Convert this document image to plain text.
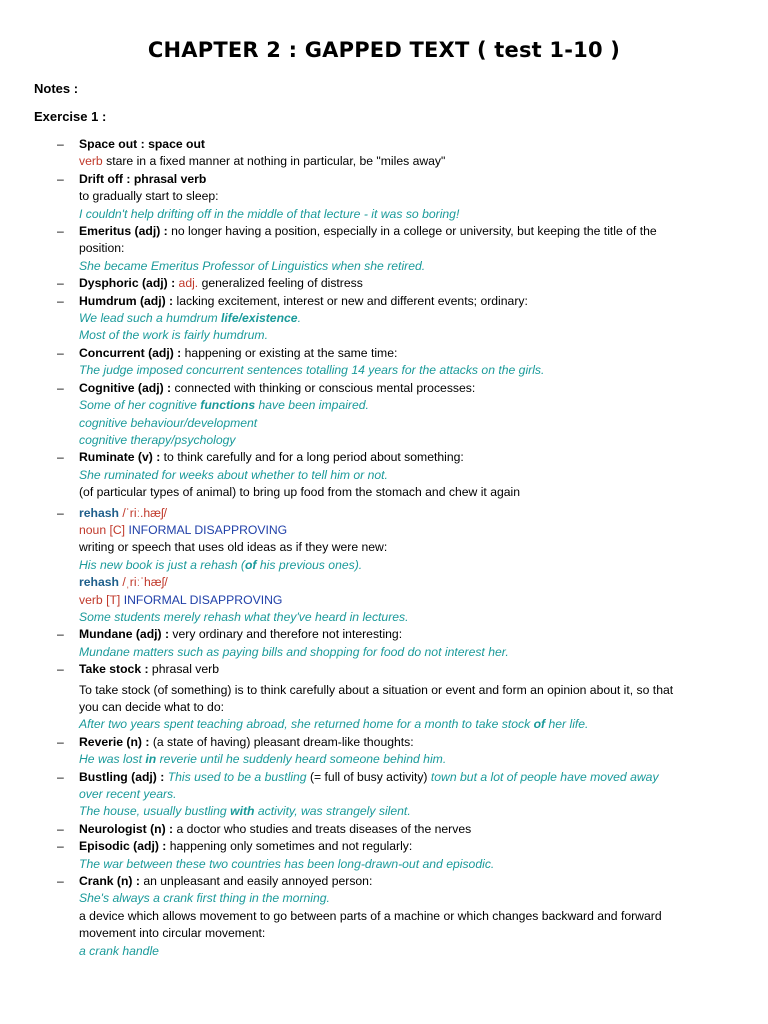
CHAPTER 2 : GAPPED TEXT ( test 1-10 )
Notes :
Exercise 1 :
– Space out : space out
verb stare in a fixed manner at nothing in particular, be "miles away"
– Drift off : phrasal verb
to gradually start to sleep:
I couldn't help drifting off in the middle of that lecture - it was so boring!
– Emeritus (adj) : no longer having a position, especially in a college or university, but keeping the title of the
position:
She became Emeritus Professor of Linguistics when she retired.
– Dysphoric (adj) : adj. generalized feeling of distress
– Humdrum (adj) : lacking excitement, interest or new and different events; ordinary:
We lead such a humdrum life/existence.
Most of the work is fairly humdrum.
– Concurrent (adj) : happening or existing at the same time:
The judge imposed concurrent sentences totalling 14 years for the attacks on the girls.
– Cognitive (adj) : connected with thinking or conscious mental processes:
Some of her cognitive functions have been impaired.
cognitive behaviour/development
cognitive therapy/psychology
– Ruminate (v) : to think carefully and for a long period about something:
She ruminated for weeks about whether to tell him or not.
(of particular types of animal) to bring up food from the stomach and chew it again
– rehash /ˈriː.hæʃ/
noun [C] INFORMAL DISAPPROVING
writing or speech that uses old ideas as if they were new:
His new book is just a rehash (of his previous ones).
rehash /ˌriːˈhæʃ/
verb [T] INFORMAL DISAPPROVING
Some students merely rehash what they've heard in lectures.
– Mundane (adj) : very ordinary and therefore not interesting:
Mundane matters such as paying bills and shopping for food do not interest her.
– Take stock : phrasal verb
To take stock (of something) is to think carefully about a situation or event and form an opinion about it, so that
you can decide what to do:
After two years spent teaching abroad, she returned home for a month to take stock of her life.
– Reverie (n) : (a state of having) pleasant dream-like thoughts:
He was lost in reverie until he suddenly heard someone behind him.
– Bustling (adj) : This used to be a bustling (= full of busy activity) town but a lot of people have moved away
over recent years.
The house, usually bustling with activity, was strangely silent.
– Neurologist (n) : a doctor who studies and treats diseases of the nerves
– Episodic (adj) : happening only sometimes and not regularly:
The war between these two countries has been long-drawn-out and episodic.
– Crank (n) : an unpleasant and easily annoyed person:
She's always a crank first thing in the morning.
a device which allows movement to go between parts of a machine or which changes backward and forward
movement into circular movement:
a crank handle
